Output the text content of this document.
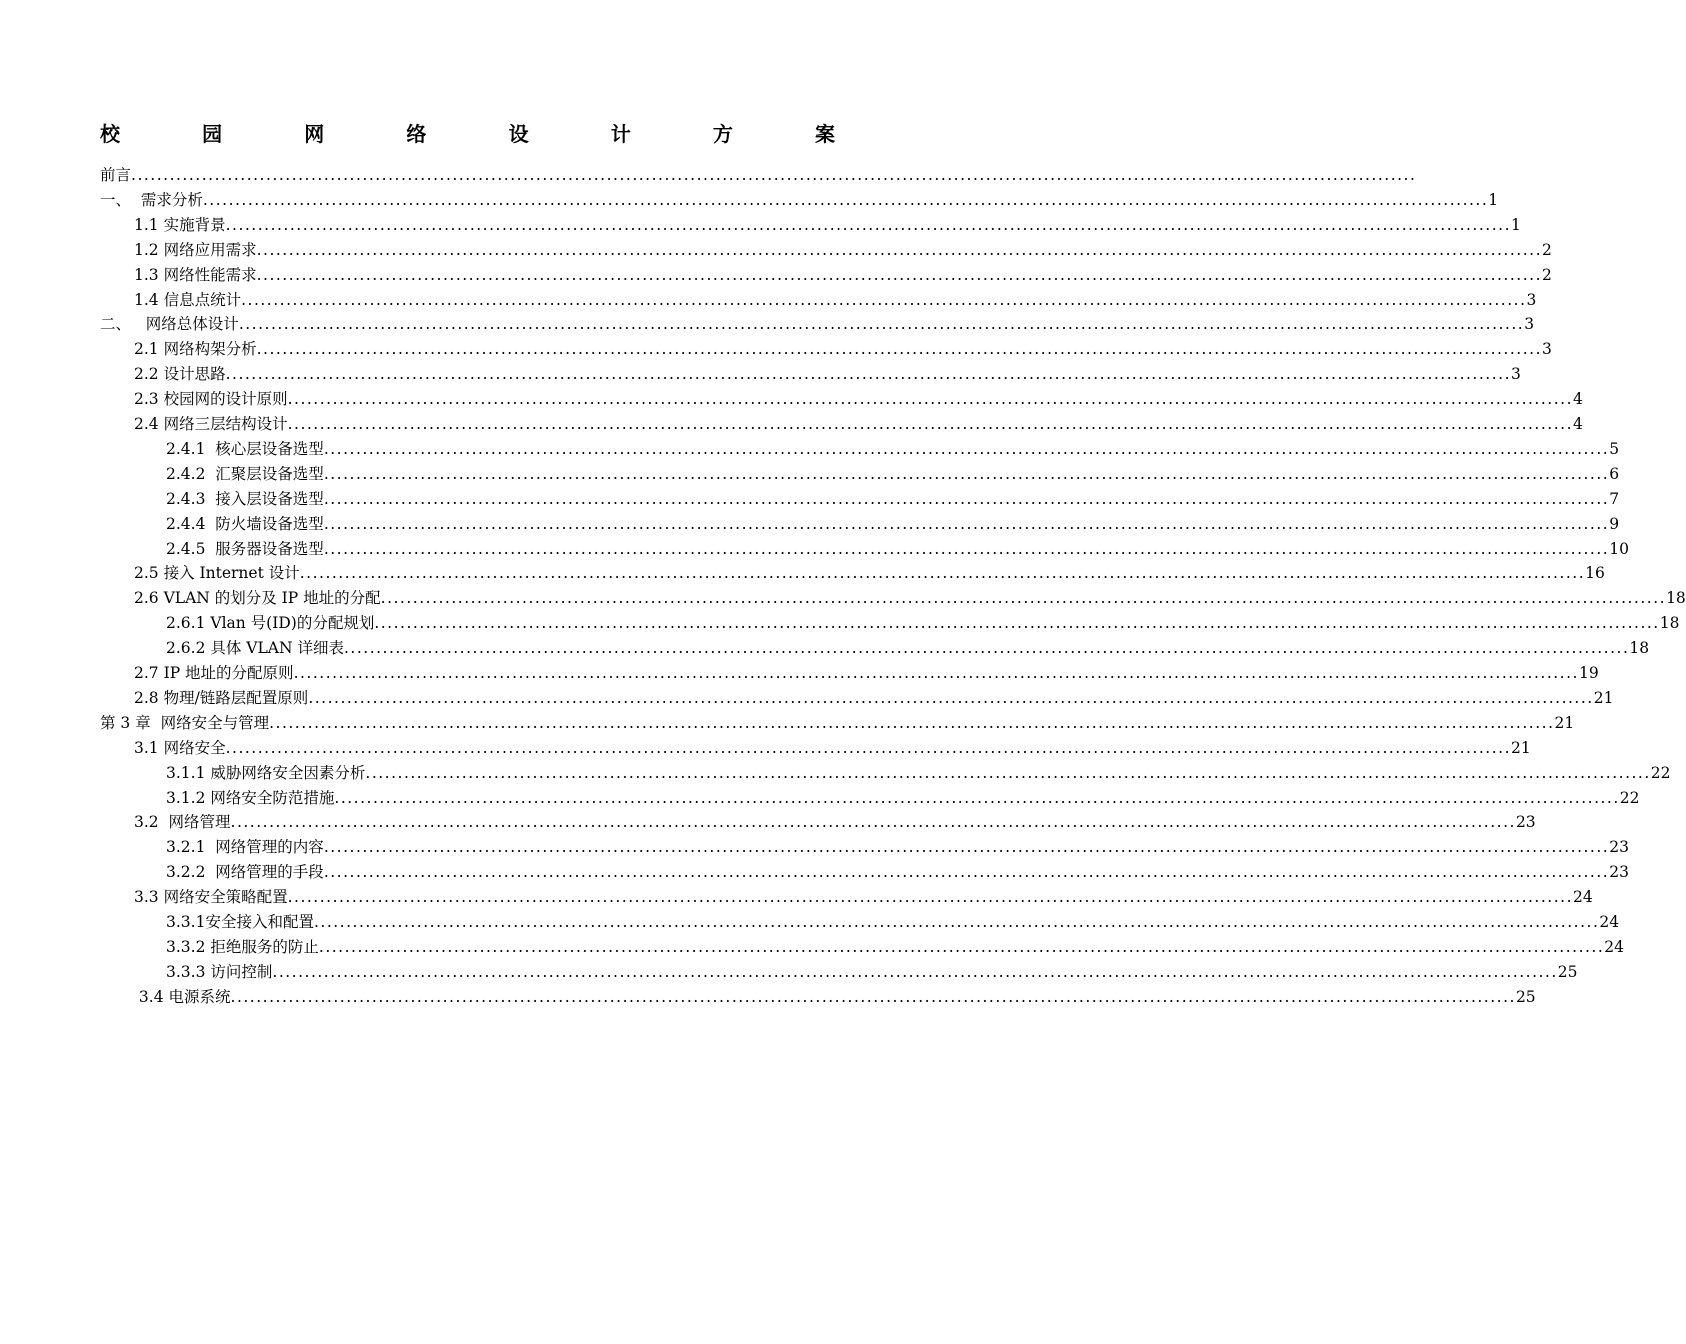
校	园	网	络	设	计	方	案
前言 ........................................................................................................................................................................................................
一、 需求分析 ........................................................................................................................................................................................................ 1
1.1 实施背景 ........................................................................................................................................................................................................ 1
1.2 网络应用需求 ........................................................................................................................................................................................................ 2
1.3 网络性能需求 ........................................................................................................................................................................................................ 2
1.4 信息点统计 ........................................................................................................................................................................................................ 3
二、 网络总体设计 ........................................................................................................................................................................................................ 3
2.1 网络构架分析 ........................................................................................................................................................................................................ 3
2.2 设计思路 ........................................................................................................................................................................................................ 3
2.3 校园网的设计原则 ........................................................................................................................................................................................................ 4
2.4 网络三层结构设计 ........................................................................................................................................................................................................ 4
2.4.1 核心层设备选型 ........................................................................................................................................................................................................ 5
2.4.2 汇聚层设备选型 ........................................................................................................................................................................................................ 6
2.4.3 接入层设备选型 ........................................................................................................................................................................................................ 7
2.4.4 防火墙设备选型 ........................................................................................................................................................................................................ 9
2.4.5 服务器设备选型 ........................................................................................................................................................................................................ 10
2.5 接入 Internet 设计 ........................................................................................................................................................................................................ 16
2.6 VLAN 的划分及 IP 地址的分配 ........................................................................................................................................................................................................ 18
2.6.1 Vlan 号(ID)的分配规划 ........................................................................................................................................................................................................ 18
2.6.2 具体 VLAN 详细表 ........................................................................................................................................................................................................ 18
2.7 IP 地址的分配原则 ........................................................................................................................................................................................................ 19
2.8 物理/链路层配置原则 ........................................................................................................................................................................................................ 21
第 3 章 网络安全与管理 ........................................................................................................................................................................................................ 21
3.1 网络安全 ........................................................................................................................................................................................................ 21
3.1.1 威胁网络安全因素分析 ........................................................................................................................................................................................................ 22
3.1.2 网络安全防范措施 ........................................................................................................................................................................................................ 22
3.2 网络管理 ........................................................................................................................................................................................................ 23
3.2.1 网络管理的内容 ........................................................................................................................................................................................................ 23
3.2.2 网络管理的手段 ........................................................................................................................................................................................................ 23
3.3 网络安全策略配置 ........................................................................................................................................................................................................ 24
3.3.1 安全接入和配置 ........................................................................................................................................................................................................ 24
3.3.2 拒绝服务的防止 ........................................................................................................................................................................................................ 24
3.3.3 访问控制 ........................................................................................................................................................................................................ 25
3.4 电源系统 ........................................................................................................................................................................................................ 25
